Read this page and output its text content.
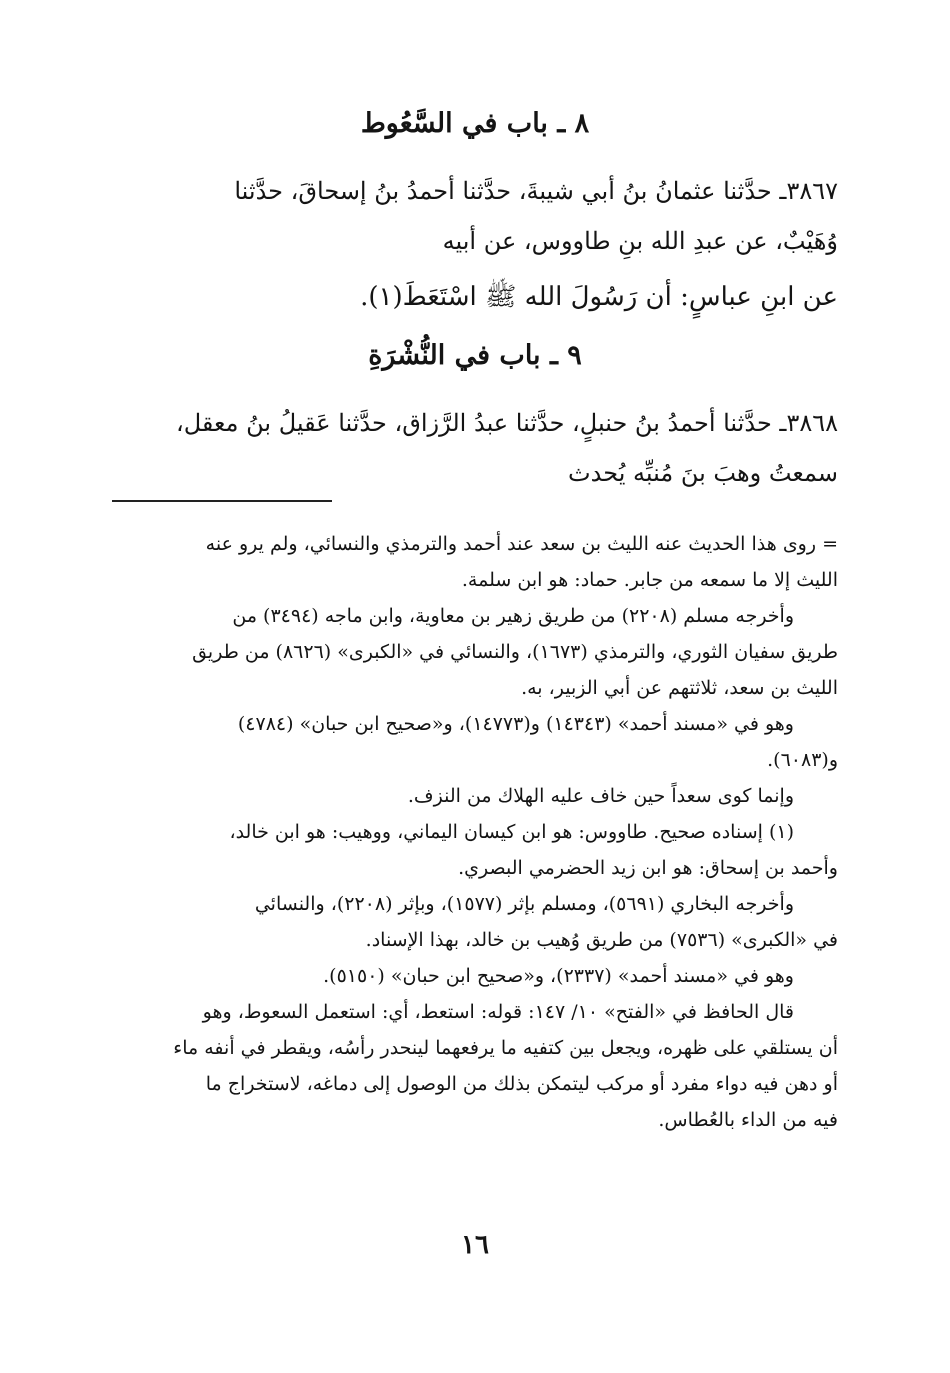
٨ ـ باب في السَّعُوط
٣٨٦٧ـ حدَّثنا عثمانُ بنُ أبي شيبةَ، حدَّثنا أحمدُ بنُ إسحاقَ، حدَّثنا
وُهَيْبٌ، عن عبدِ الله بنِ طاووس، عن أبيه
عن ابنِ عباسٍ: أن رَسُولَ الله ﷺ اسْتَعَطَ(١).
٩ ـ باب في النُّشْرَةِ
٣٨٦٨ـ حدَّثنا أحمدُ بنُ حنبلٍ، حدَّثنا عبدُ الرَّزاق، حدَّثنا عَقيلُ بنُ معقل،
سمعتُ وهبَ بنَ مُنبِّه يُحدث
= روى هذا الحديث عنه الليث بن سعد عند أحمد والترمذي والنسائي، ولم يرو عنه
الليث إلا ما سمعه من جابر. حماد: هو ابن سلمة.
وأخرجه مسلم (٢٢٠٨) من طريق زهير بن معاوية، وابن ماجه (٣٤٩٤) من
طريق سفيان الثوري، والترمذي (١٦٧٣)، والنسائي في «الكبرى» (٨٦٢٦) من طريق
الليث بن سعد، ثلاثتهم عن أبي الزبير، به.
وهو في «مسند أحمد» (١٤٣٤٣) و(١٤٧٧٣)، و«صحيح ابن حبان» (٤٧٨٤)
و(٦٠٨٣).
وإنما كوى سعداً حين خاف عليه الهلاك من النزف.
(١) إسناده صحيح. طاووس: هو ابن كيسان اليماني، ووهيب: هو ابن خالد،
وأحمد بن إسحاق: هو ابن زيد الحضرمي البصري.
وأخرجه البخاري (٥٦٩١)، ومسلم بإثر (١٥٧٧)، وبإثر (٢٢٠٨)، والنسائي
في «الكبرى» (٧٥٣٦) من طريق وُهيب بن خالد، بهذا الإسناد.
وهو في «مسند أحمد» (٢٣٣٧)، و«صحيح ابن حبان» (٥١٥٠).
قال الحافظ في «الفتح» ١٠/ ١٤٧: قوله: استعط، أي: استعمل السعوط، وهو
أن يستلقي على ظهره، ويجعل بين كتفيه ما يرفعهما لينحدر رأسُه، ويقطر في أنفه ماء
أو دهن فيه دواء مفرد أو مركب ليتمكن بذلك من الوصول إلى دماغه، لاستخراج ما
فيه من الداء بالعُطاس.
١٦
